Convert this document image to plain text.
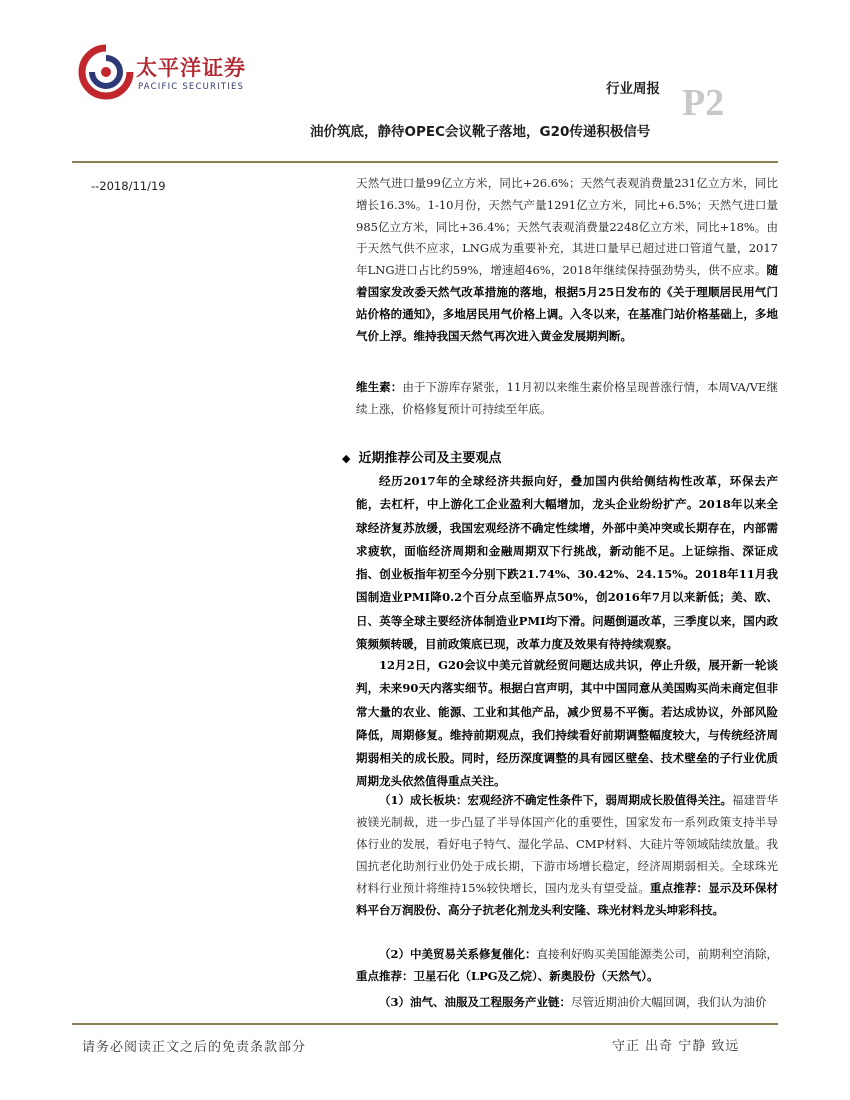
太平洋证券
PACIFIC SECURITIES	行业周报 P2
油价筑底，静待OPEC会议靴子落地，G20传递积极信号
--2018/11/19	天然气进口量99亿立方米，同比+26.6%；天然气表观消费量231亿立方米，同比增长16.3%。1-10月份，天然气产量1291亿立方米，同比+6.5%；天然气进口量985亿立方米，同比+36.4%；天然气表观消费量2248亿立方米，同比+18%。由于天然气供不应求，LNG成为重要补充，其进口量早已超过进口管道气量，2017年LNG进口占比约59%，增速超46%，2018年继续保持强劲势头，供不应求。随着国家发改委天然气改革措施的落地，根据5月25日发布的《关于理顺居民用气门站价格的通知》，多地居民用气价格上调。入冬以来，在基准门站价格基础上，多地气价上浮。维持我国天然气再次进入黄金发展期判断。

维生素：由于下游库存紧张，11月初以来维生素价格呈现普涨行情，本周VA/VE继续上涨，价格修复预计可持续至年底。

◆ 近期推荐公司及主要观点

经历2017年的全球经济共振向好，叠加国内供给侧结构性改革，环保去产能，去杠杆，中上游化工企业盈利大幅增加，龙头企业纷纷扩产。2018年以来全球经济复苏放缓，我国宏观经济不确定性续增，外部中美冲突或长期存在，内部需求疲软，面临经济周期和金融周期双下行挑战，新动能不足。上证综指、深证成指、创业板指年初至今分别下跌21.74%、30.42%、24.15%。2018年11月我国制造业PMI降0.2个百分点至临界点50%，创2016年7月以来新低；美、欧、日、英等全球主要经济体制造业PMI均下滑。问题倒逼改革，三季度以来，国内政策频频转暖，目前政策底已现，改革力度及效果有待持续观察。

12月2日，G20会议中美元首就经贸问题达成共识，停止升级，展开新一轮谈判，未来90天内落实细节。根据白宫声明，其中中国同意从美国购买尚未商定但非常大量的农业、能源、工业和其他产品，减少贸易不平衡。若达成协议，外部风险降低，周期修复。维持前期观点，我们持续看好前期调整幅度较大，与传统经济周期弱相关的成长股。同时，经历深度调整的具有园区壁垒、技术壁垒的子行业优质周期龙头依然值得重点关注。

（1）成长板块：宏观经济不确定性条件下，弱周期成长股值得关注。福建晋华被镁光制裁，进一步凸显了半导体国产化的重要性，国家发布一系列政策支持半导体行业的发展，看好电子特气、湿化学品、CMP材料、大硅片等领域陆续放量。我国抗老化助剂行业仍处于成长期，下游市场增长稳定，经济周期弱相关。全球珠光材料行业预计将维持15%较快增长，国内龙头有望受益。重点推荐：显示及环保材料平台万润股份、高分子抗老化剂龙头利安隆、珠光材料龙头坤彩科技。

（2）中美贸易关系修复催化：直接利好购买美国能源类公司，前期利空消除，重点推荐：卫星石化（LPG及乙烷）、新奥股份（天然气）。

（3）油气、油服及工程服务产业链：尽管近期油价大幅回调，我们认为油价

请务必阅读正文之后的免责条款部分	守正 出奇 宁静 致远
